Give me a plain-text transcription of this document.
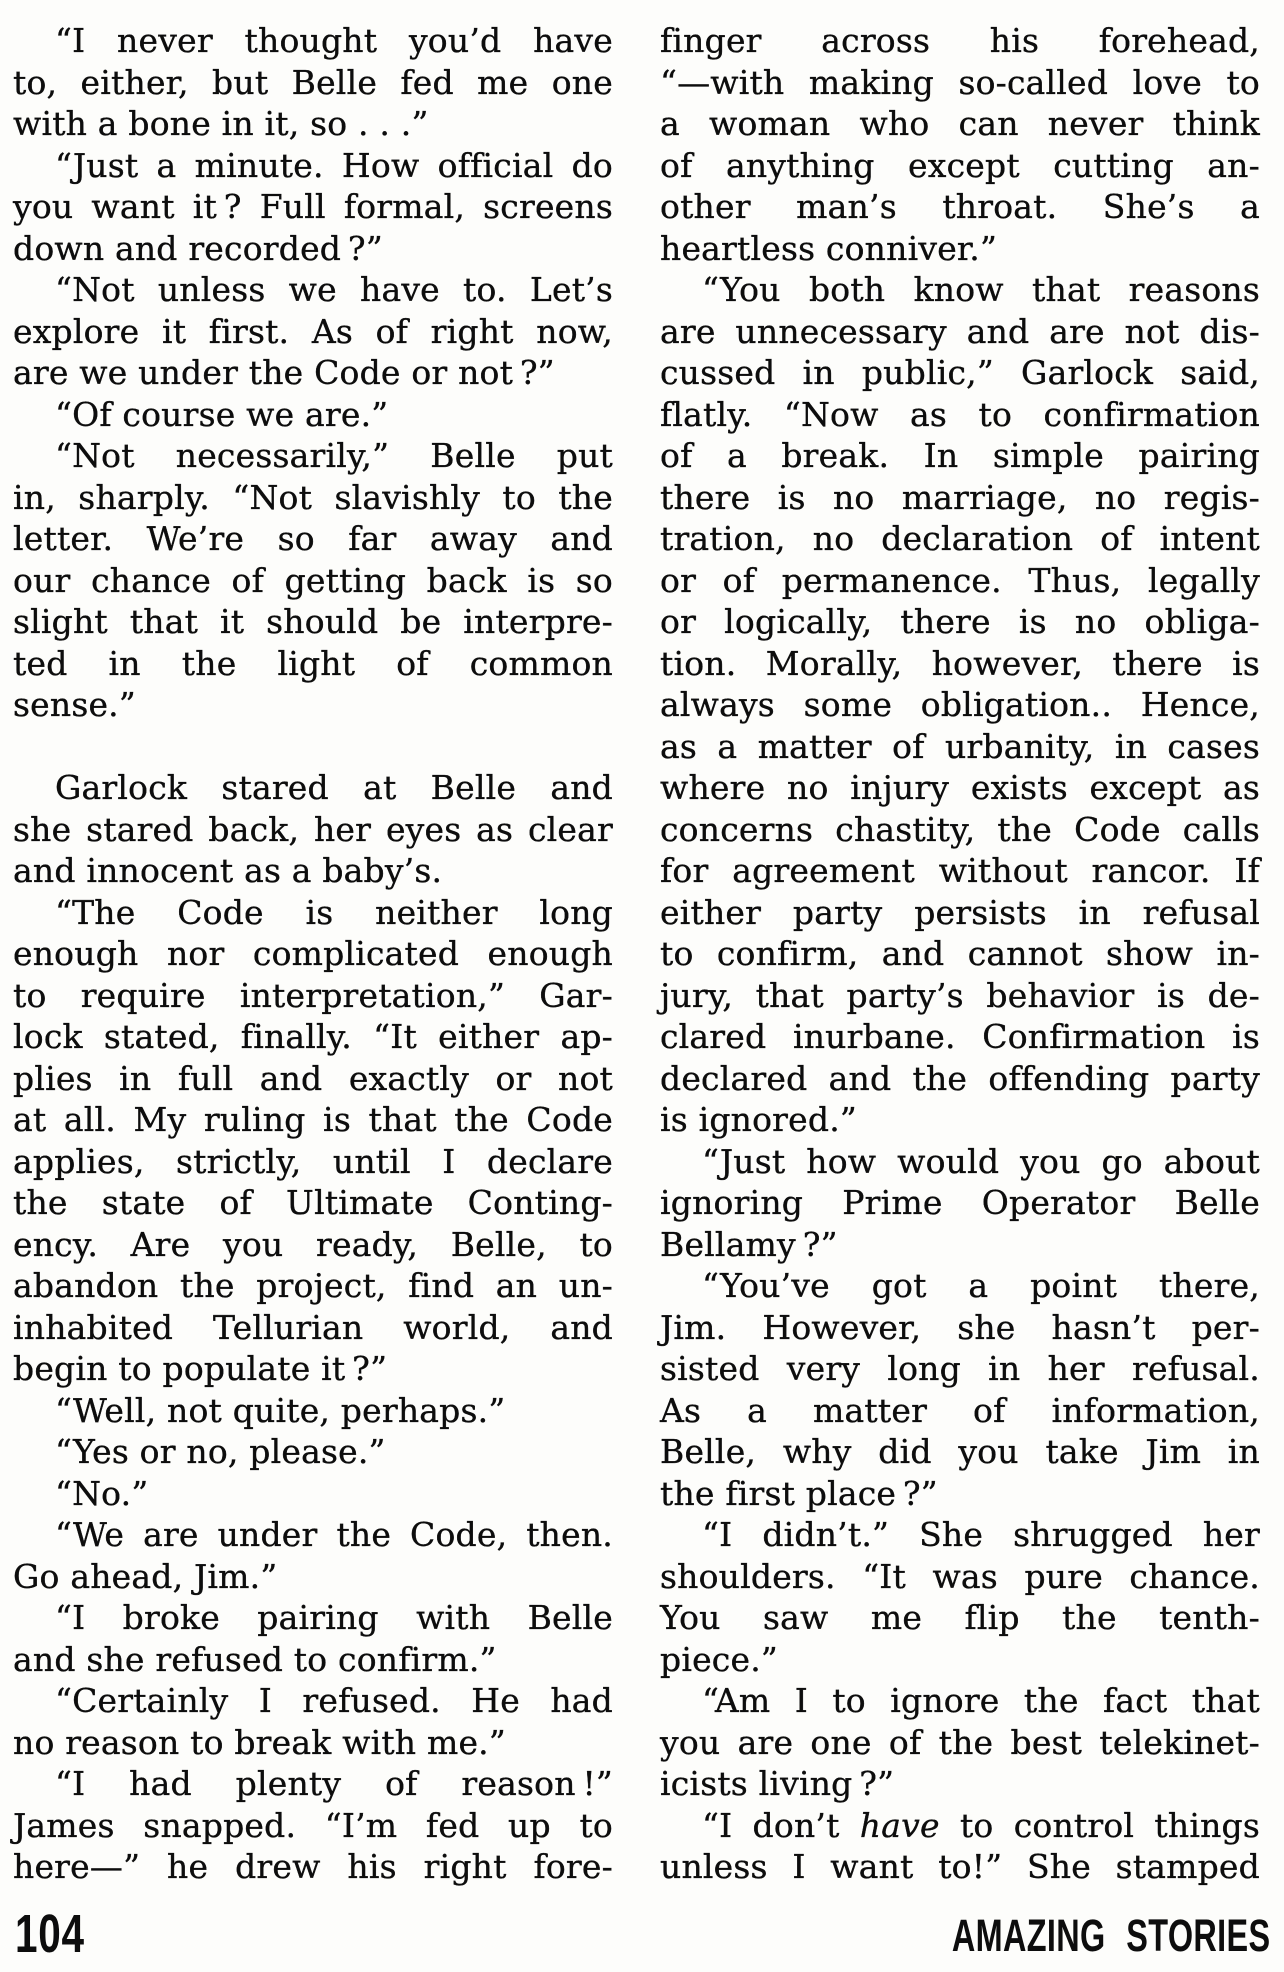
“I never thought you’d have
to, either, but Belle fed me one
with a bone in it, so . . .”
“Just a minute. How official do
you want it ? Full formal, screens
down and recorded ?”
“Not unless we have to. Let’s
explore it first. As of right now,
are we under the Code or not ?”
“Of course we are.”
“Not necessarily,” Belle put
in, sharply. “Not slavishly to the
letter. We’re so far away and
our chance of getting back is so
slight that it should be interpre-
ted in the light of common
sense.”
Garlock stared at Belle and
she stared back, her eyes as clear
and innocent as a baby’s.
“The Code is neither long
enough nor complicated enough
to require interpretation,” Gar-
lock stated, finally. “It either ap-
plies in full and exactly or not
at all. My ruling is that the Code
applies, strictly, until I declare
the state of Ultimate Conting-
ency. Are you ready, Belle, to
abandon the project, find an un-
inhabited Tellurian world, and
begin to populate it ?”
“Well, not quite, perhaps.”
“Yes or no, please.”
“No.”
“We are under the Code, then.
Go ahead, Jim.”
“I broke pairing with Belle
and she refused to confirm.”
“Certainly I refused. He had
no reason to break with me.”
“I had plenty of reason !”
James snapped. “I’m fed up to
here—” he drew his right fore-
finger across his forehead,
“—with making so-called love to
a woman who can never think
of anything except cutting an-
other man’s throat. She’s a
heartless conniver.”
“You both know that reasons
are unnecessary and are not dis-
cussed in public,” Garlock said,
flatly. “Now as to confirmation
of a break. In simple pairing
there is no marriage, no regis-
tration, no declaration of intent
or of permanence. Thus, legally
or logically, there is no obliga-
tion. Morally, however, there is
always some obligation.. Hence,
as a matter of urbanity, in cases
where no injury exists except as
concerns chastity, the Code calls
for agreement without rancor. If
either party persists in refusal
to confirm, and cannot show in-
jury, that party’s behavior is de-
clared inurbane. Confirmation is
declared and the offending party
is ignored.”
“Just how would you go about
ignoring Prime Operator Belle
Bellamy ?”
“You’ve got a point there,
Jim. However, she hasn’t per-
sisted very long in her refusal.
As a matter of information,
Belle, why did you take Jim in
the first place ?”
“I didn’t.” She shrugged her
shoulders. “It was pure chance.
You saw me flip the tenth-
piece.”
“Am I to ignore the fact that
you are one of the best telekinet-
icists living ?”
“I don’t have to control things
unless I want to!” She stamped
104	AMAZING STORIES
